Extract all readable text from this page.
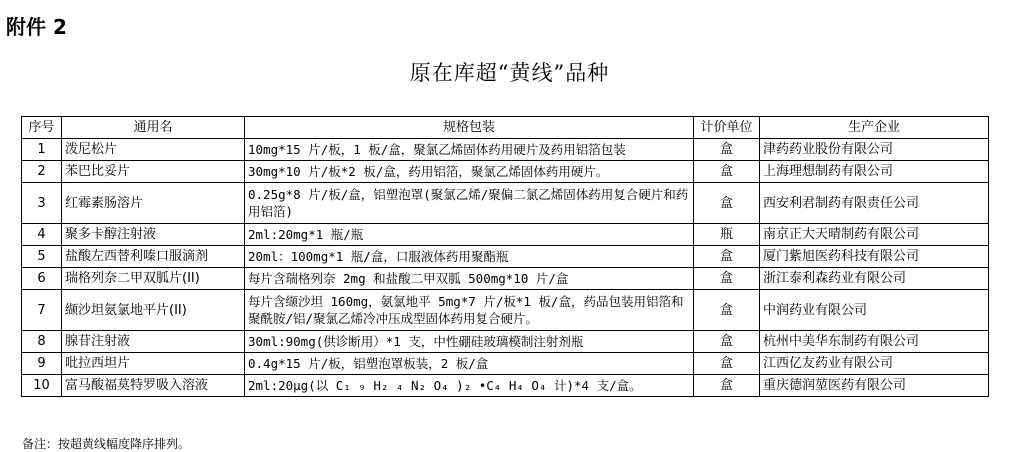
附件 2
原在库超“黄线”品种
序号	通用名	规格包装	计价单位	生产企业
1	泼尼松片	10mg*15 片/板，1 板/盒，聚氯乙烯固体药用硬片及药用铝箔包装	盒	津药药业股份有限公司
2	苯巴比妥片	30mg*10 片/板*2 板/盒，药用铝箔，聚氯乙烯固体药用硬片。	盒	上海理想制药有限公司
3	红霉素肠溶片	0.25g*8 片/板/盒，铝塑泡罩(聚氯乙烯/聚偏二氯乙烯固体药用复合硬片和药用铝箔)	盒	西安利君制药有限责任公司
4	聚多卡醇注射液	2ml:20mg*1 瓶/瓶	瓶	南京正大天晴制药有限公司
5	盐酸左西替利嗪口服滴剂	20ml：100mg*1 瓶/盒，口服液体药用聚酯瓶	盒	厦门紫旭医药科技有限公司
6	瑞格列奈二甲双胍片(II)	每片含瑞格列奈 2mg 和盐酸二甲双胍 500mg*10 片/盒	盒	浙江泰利森药业有限公司
7	缬沙坦氨氯地平片(II)	每片含缬沙坦 160mg，氨氯地平 5mg*7 片/板*1 板/盒，药品包装用铝箔和聚酰胺/铝/聚氯乙烯冷冲压成型固体药用复合硬片。	盒	中润药业有限公司
8	腺苷注射液	30ml:90mg(供诊断用）*1 支，中性硼硅玻璃模制注射剂瓶	盒	杭州中美华东制药有限公司
9	吡拉西坦片	0.4g*15 片/板，铝塑泡罩板装，2 板/盒	盒	江西亿友药业有限公司
10	富马酸福莫特罗吸入溶液	2ml:20μg(以 C₁ ₉ H₂ ₄ N₂ O₄ )₂ •C₄ H₄ O₄ 计)*4 支/盒。	盒	重庆德润堃医药有限公司
备注：按超黄线幅度降序排列。
